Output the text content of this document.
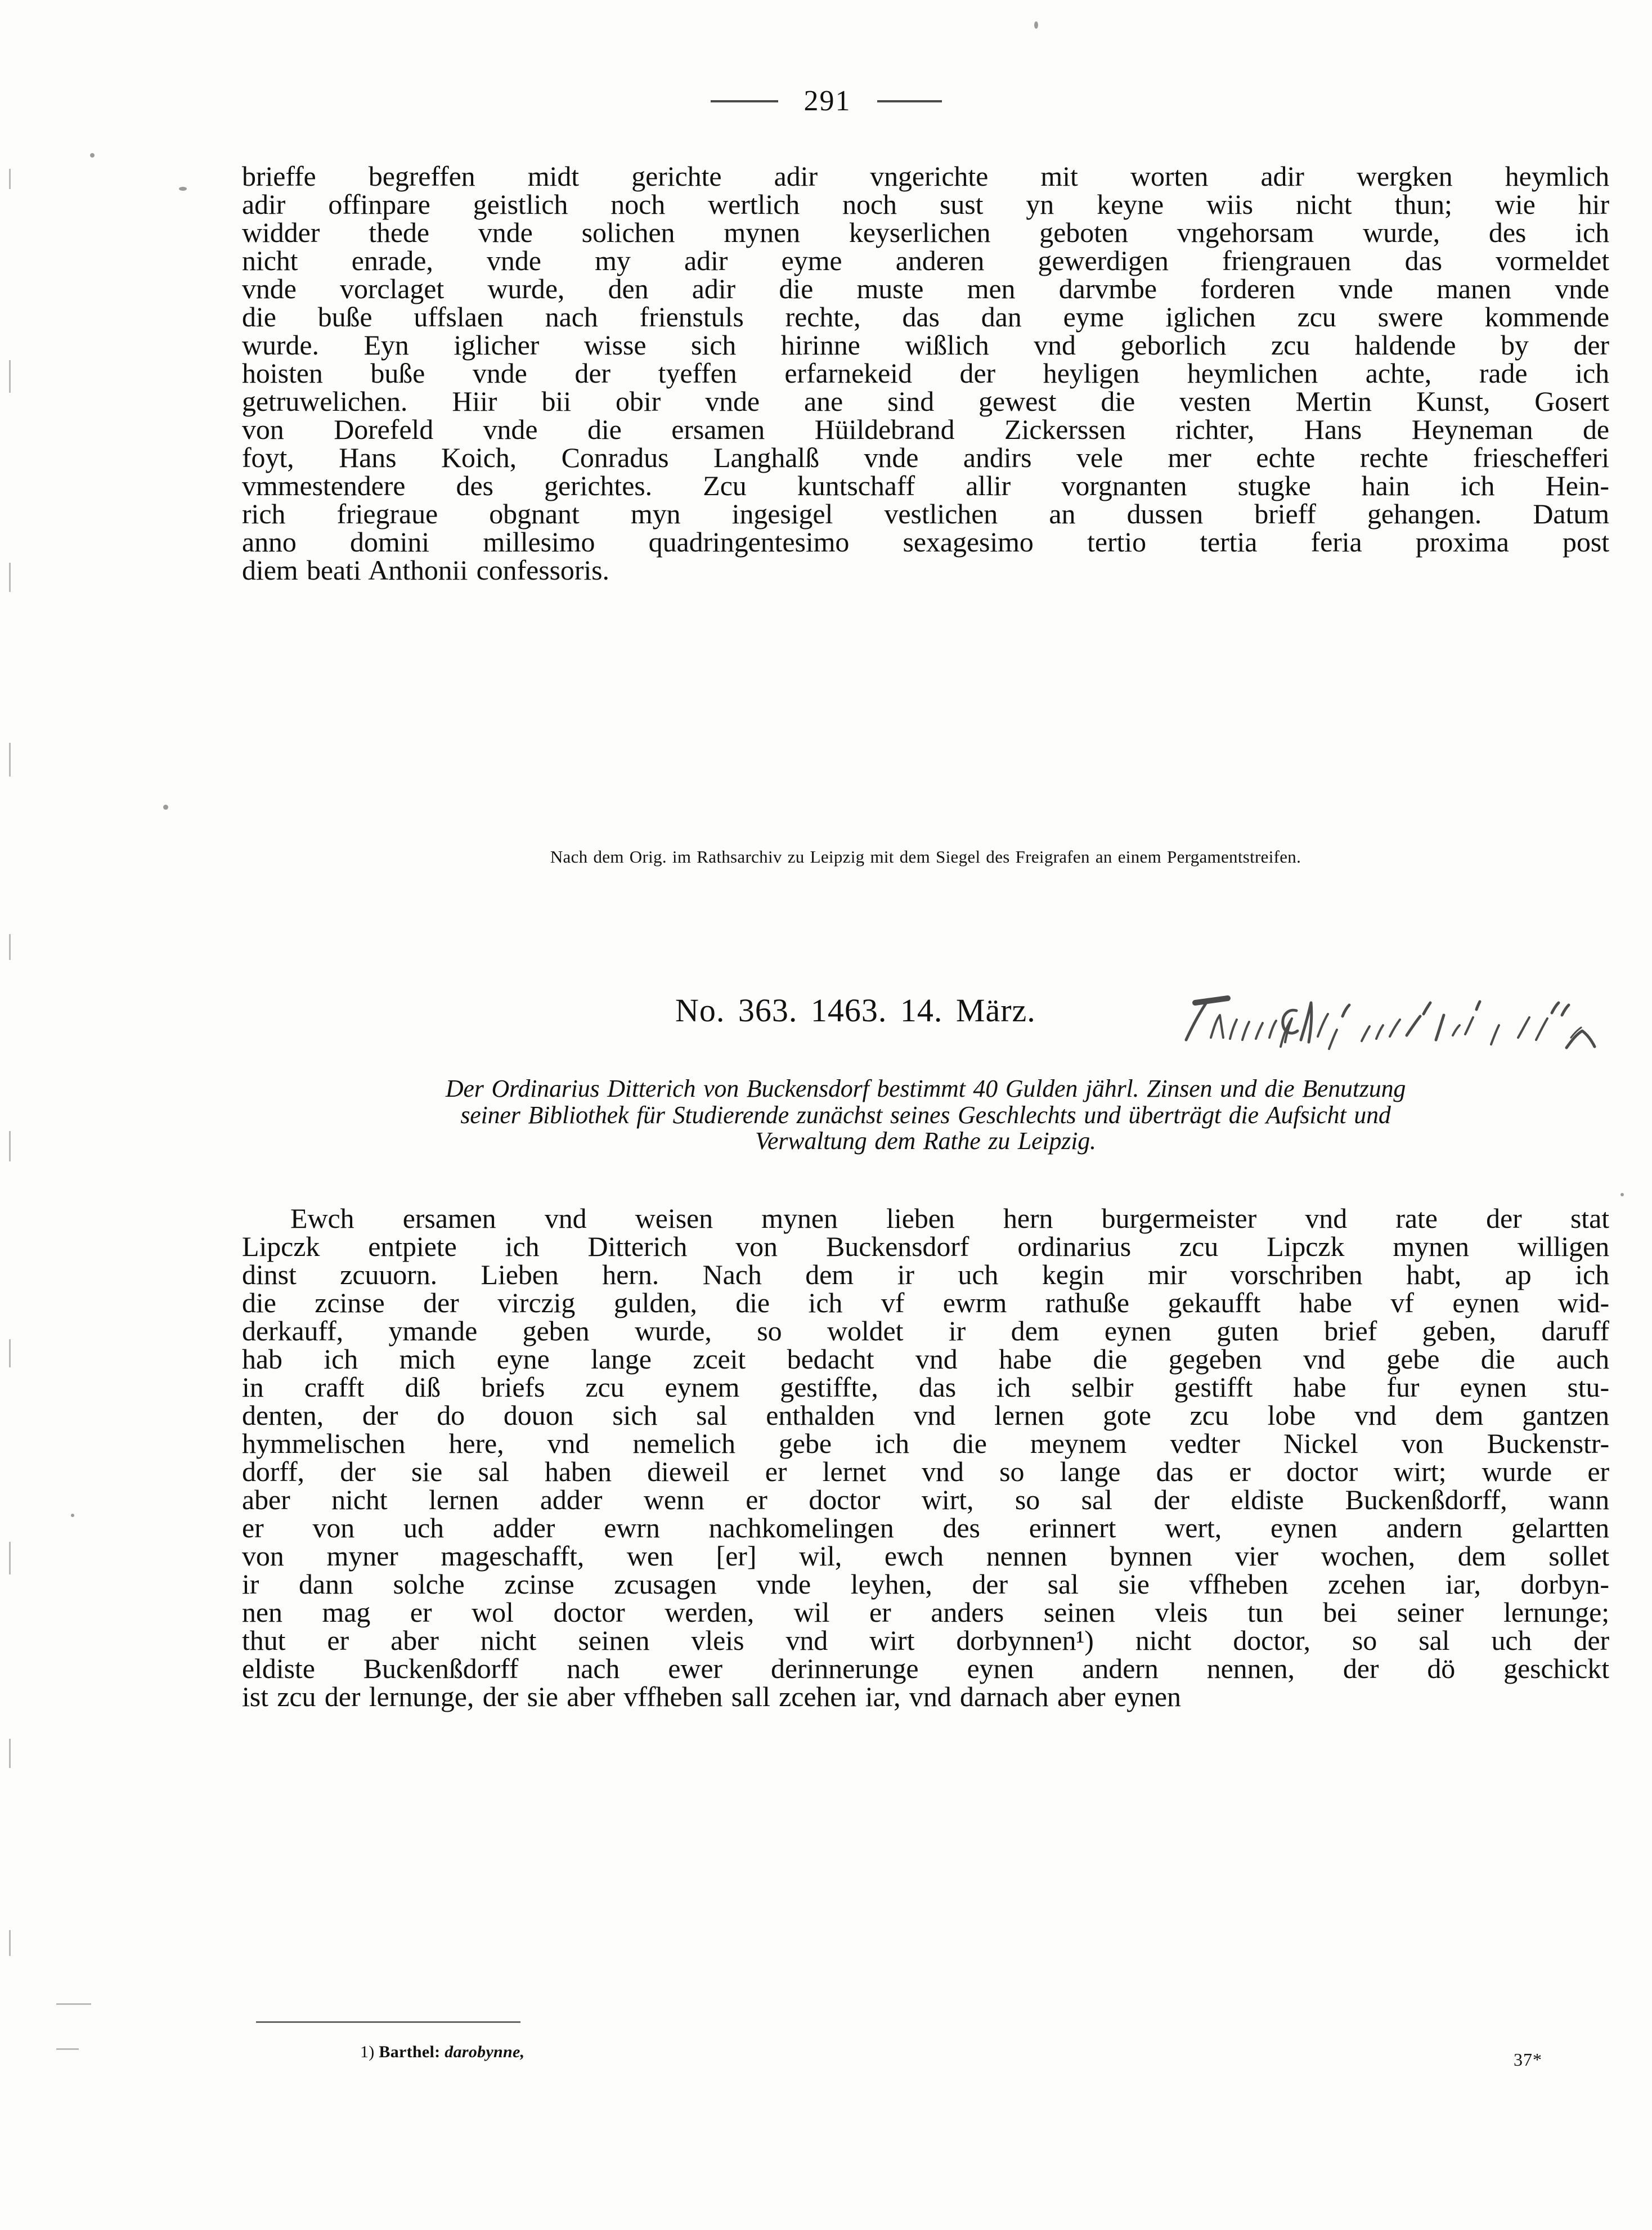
291

brieffe begreffen midt gerichte adir vngerichte mit worten adir wergken heymlich
adir offinpare geistlich noch wertlich noch sust yn keyne wiis nicht thun; wie hir
widder thede vnde solichen mynen keyserlichen geboten vngehorsam wurde, des ich
nicht enrade, vnde my adir eyme anderen gewerdigen friengrauen das vormeldet
vnde vorclaget wurde, den adir die muste men darvmbe forderen vnde manen vnde
die buße uffslaen nach frienstuls rechte, das dan eyme iglichen zcu swere kommende
wurde. Eyn iglicher wisse sich hirinne wißlich vnd geborlich zcu haldende by der
hoisten buße vnde der tyeffen erfarnekeid der heyligen heymlichen achte, rade ich
getruwelichen. Hiir bii obir vnde ane sind gewest die vesten Mertin Kunst, Gosert
von Dorefeld vnde die ersamen Hüildebrand Zickerssen richter, Hans Heyneman de
foyt, Hans Koich, Conradus Langhalß vnde andirs vele mer echte rechte frieschefferi
vmmestendere des gerichtes. Zcu kuntschaff allir vorgnanten stugke hain ich Hein-
rich friegraue obgnant myn ingesigel vestlichen an dussen brieff gehangen. Datum
anno domini millesimo quadringentesimo sexagesimo tertio tertia feria proxima post
diem beati Anthonii confessoris.

Nach dem Orig. im Rathsarchiv zu Leipzig mit dem Siegel des Freigrafen an einem Pergamentstreifen.
No. 363. 1463. 14. März.
Der Ordinarius Ditterich von Buckensdorf bestimmt 40 Gulden jährl. Zinsen und die Benutzung
seiner Bibliothek für Studierende zunächst seines Geschlechts und überträgt die Aufsicht und
Verwaltung dem Rathe zu Leipzig.

Ewch ersamen vnd weisen mynen lieben hern burgermeister vnd rate der stat
Lipczk entpiete ich Ditterich von Buckensdorf ordinarius zcu Lipczk mynen willigen
dinst zcuuorn. Lieben hern. Nach dem ir uch kegin mir vorschriben habt, ap ich
die zcinse der virczig gulden, die ich vf ewrm rathuße gekaufft habe vf eynen wid-
derkauff, ymande geben wurde, so woldet ir dem eynen guten brief geben, daruff
hab ich mich eyne lange zceit bedacht vnd habe die gegeben vnd gebe die auch
in crafft diß briefs zcu eynem gestiffte, das ich selbir gestifft habe fur eynen stu-
denten, der do douon sich sal enthalden vnd lernen gote zcu lobe vnd dem gantzen
hymmelischen here, vnd nemelich gebe ich die meynem vedter Nickel von Buckenstr-
dorff, der sie sal haben dieweil er lernet vnd so lange das er doctor wirt; wurde er
aber nicht lernen adder wenn er doctor wirt, so sal der eldiste Buckenßdorff, wann
er von uch adder ewrn nachkomelingen des erinnert wert, eynen andern gelartten
von myner mageschafft, wen [er] wil, ewch nennen bynnen vier wochen, dem sollet
ir dann solche zcinse zcusagen vnde leyhen, der sal sie vffheben zcehen iar, dorbyn-
nen mag er wol doctor werden, wil er anders seinen vleis tun bei seiner lernunge;
thut er aber nicht seinen vleis vnd wirt dorbynnen¹) nicht doctor, so sal uch der
eldiste Buckenßdorff nach ewer derinnerunge eynen andern nennen, der dö geschickt
ist zcu der lernunge, der sie aber vffheben sall zcehen iar, vnd darnach aber eynen

1) Barthel: darobynne,	37*
